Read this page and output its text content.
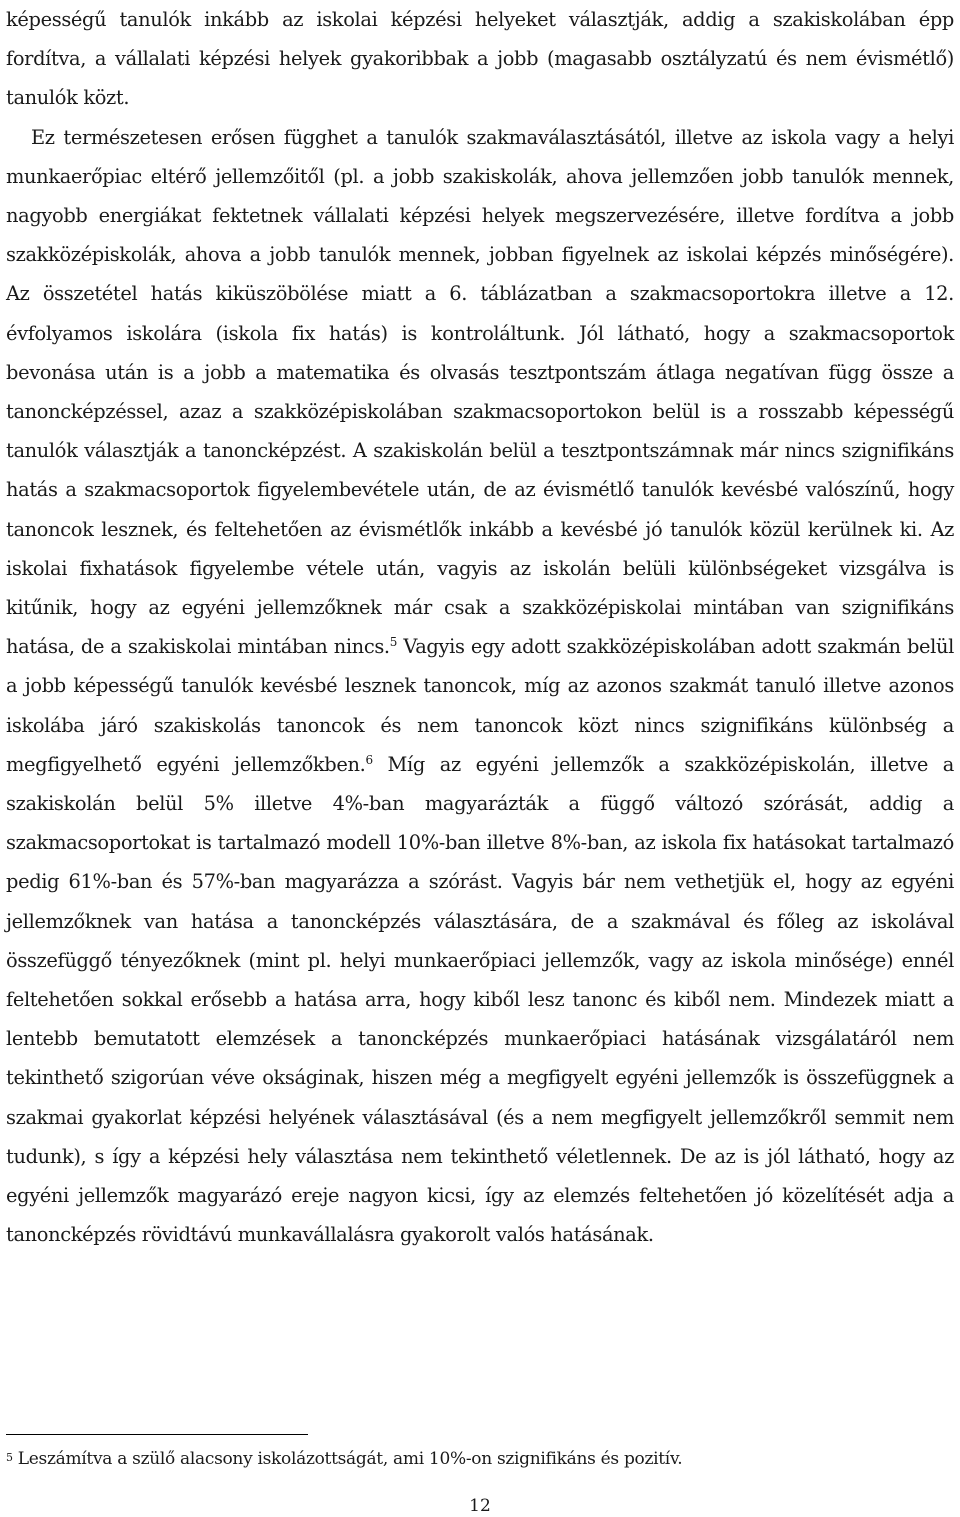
képességű tanulók inkább az iskolai képzési helyeket választják, addig a szakiskolában épp fordítva, a vállalati képzési helyek gyakoribbak a jobb (magasabb osztályzatú és nem évismétlő) tanulók közt.

Ez természetesen erősen függhet a tanulók szakmaválasztásától, illetve az iskola vagy a helyi munkaerőpiac eltérő jellemzőitől (pl. a jobb szakiskolák, ahova jellemzően jobb tanulók mennek, nagyobb energiákat fektetnek vállalati képzési helyek megszervezésére, illetve fordítva a jobb szakközépiskolák, ahova a jobb tanulók mennek, jobban figyelnek az iskolai képzés minőségére). Az összetétel hatás kiküszöbölése miatt a 6. táblázatban a szakmacsoportokra illetve a 12. évfolyamos iskolára (iskola fix hatás) is kontroláltunk. Jól látható, hogy a szakmacsoportok bevonása után is a jobb a matematika és olvasás tesztpontszám átlaga negatívan függ össze a tanoncképzéssel, azaz a szakközépiskolában szakmacsoportokon belül is a rosszabb képességű tanulók választják a tanoncképzést. A szakiskolán belül a tesztpontszámnak már nincs szignifikáns hatás a szakmacsoportok figyelembevétele után, de az évismétlő tanulók kevésbé valószínű, hogy tanoncok lesznek, és feltehetően az évismétlők inkább a kevésbé jó tanulók közül kerülnek ki. Az iskolai fixhatások figyelembe vétele után, vagyis az iskolán belüli különbségeket vizsgálva is kitűnik, hogy az egyéni jellemzőknek már csak a szakközépiskolai mintában van szignifikáns hatása, de a szakiskolai mintában nincs.$^5$ Vagyis egy adott szakközépiskolában adott szakmán belül a jobb képességű tanulók kevésbé lesznek tanoncok, míg az azonos szakmát tanuló illetve azonos iskolába járó szakiskolás tanoncok és nem tanoncok közt nincs szignifikáns különbség a megfigyelhető egyéni jellemzőkben.$^6$ Míg az egyéni jellemzők a szakközépiskolán, illetve a szakiskolán belül 5% illetve 4%-ban magyarázták a függő változó szórását, addig a szakmacsoportokat is tartalmazó modell 10%-ban illetve 8%-ban, az iskola fix hatásokat tartalmazó pedig 61%-ban és 57%-ban magyarázza a szórást. Vagyis bár nem vethetjük el, hogy az egyéni jellemzőknek van hatása a tanoncképzés választására, de a szakmával és főleg az iskolával összefüggő tényezőknek (mint pl. helyi munkaerőpiaci jellemzők, vagy az iskola minősége) ennél feltehetően sokkal erősebb a hatása arra, hogy kiből lesz tanonc és kiből nem. Mindezek miatt a lentebb bemutatott elemzések a tanoncképzés munkaerőpiaci hatásának vizsgálatáról nem tekinthető szigorúan véve okságinak, hiszen még a megfigyelt egyéni jellemzők is összefüggnek a szakmai gyakorlat képzési helyének választásával (és a nem megfigyelt jellemzőkről semmit nem tudunk), s így a képzési hely választása nem tekinthető véletlennek. De az is jól látható, hogy az egyéni jellemzők magyarázó ereje nagyon kicsi, így az elemzés feltehetően jó közelítését adja a tanoncképzés rövidtávú munkavállalásra gyakorolt valós hatásának.

$^5$ Leszámítva a szülő alacsony iskolázottságát, ami 10%-on szignifikáns és pozitív.

12
